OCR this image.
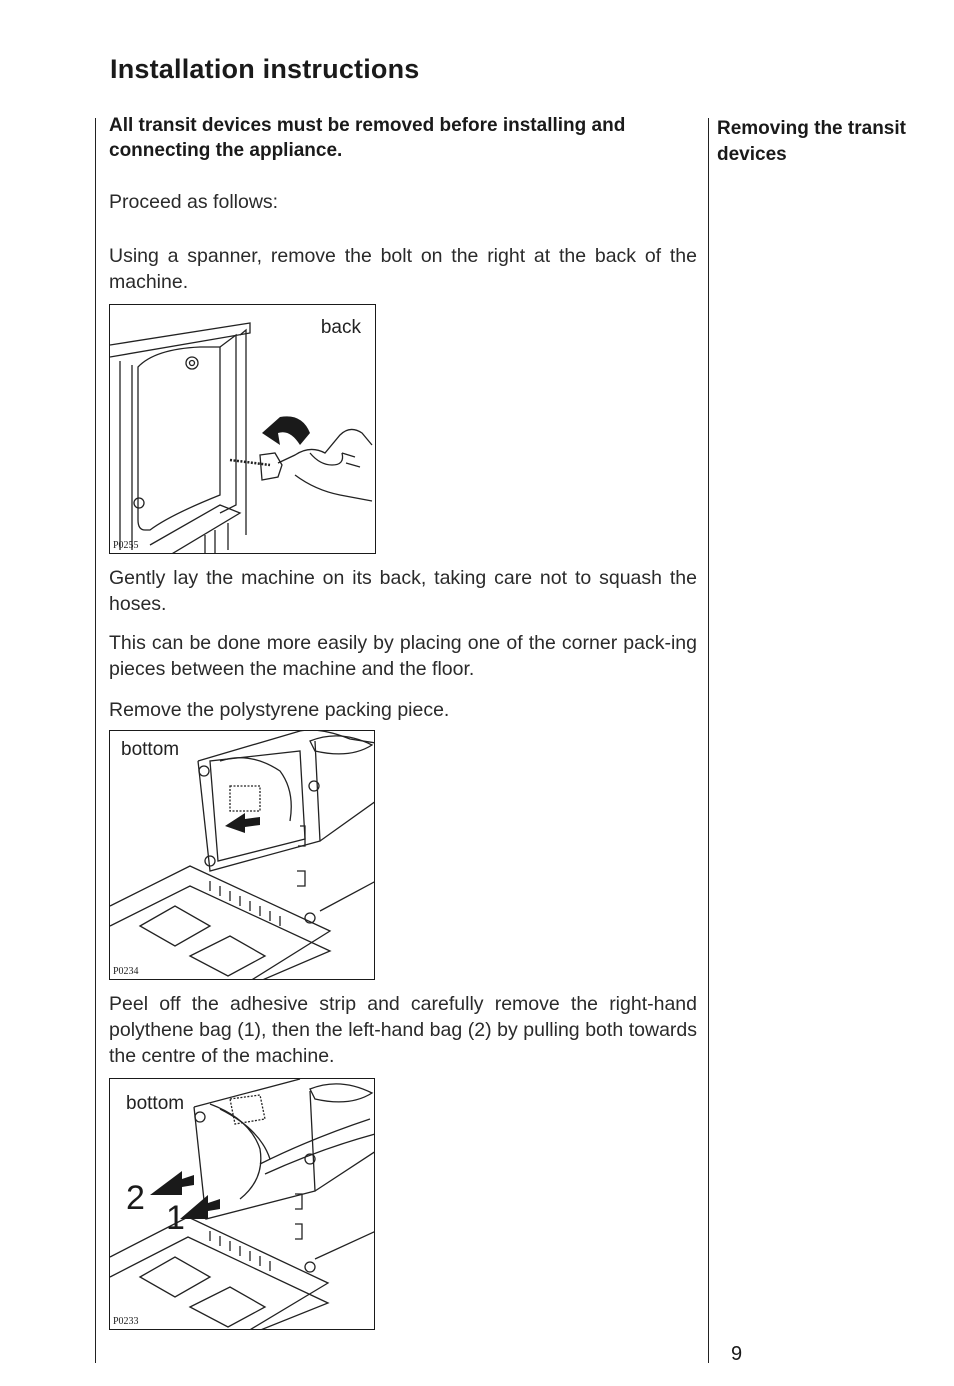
Installation instructions
Removing the transit devices
All transit devices must be removed before installing and connecting the appliance.
Proceed as follows:
Using a spanner, remove the bolt on the right at the back of the machine.
back
P0255
Gently lay the machine on its back, taking care not to squash the hoses.
This can be done more easily by placing one of the corner pack-ing pieces between the machine and the floor.
Remove the polystyrene packing piece.
bottom
P0234
Peel off the adhesive strip and carefully remove the right-hand polythene bag (1), then the left-hand bag (2) by pulling both towards the centre of the machine.
bottom
2
1
P0233
9
